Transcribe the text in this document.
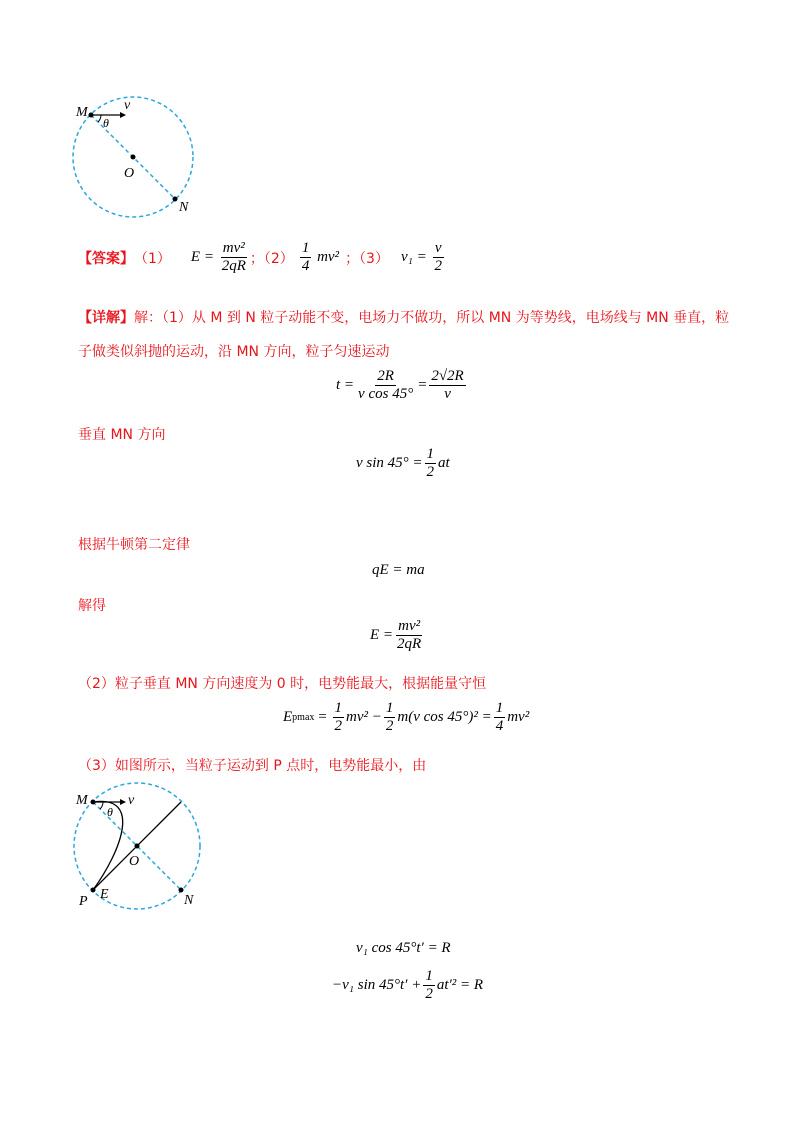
M	v
θ
O
N
【答案】 （1） $E = \frac{\text{mv²}}{2qR}$ ；$(2) \frac{1}{4} mv^2$ ；（3） $v_1 = \frac{v}{2}$
【详解】解：（1）从 M 到 N 粒子动能不变，电场力不做功，所以 MN 为等势线，电场线与 MN 垂直，粒
子做类似斜抛的运动，沿 MN 方向，粒子匀速运动
$t = \frac{2R}{\text{v cos 45°}} = \frac{2√2R}{v}$
垂直 MN 方向
v $\sin 45^\circ = \frac{1}{2}$ at
根据牛顿第二定律
qE = ma
解得
$E = \frac{\text{mv²}}{2qR}$
（2）粒子垂直 MN 方向速度为 0 时，电势能最大，根据能量守恒
E $pmax = \frac{1}{2} mv^2 - \frac{1}{2} m(v$ $\cos 45^\circ)^2 = \frac{1}{4} mv^2$
（3）如图所示，当粒子运动到 P 点时，电势能最小，由
M	v
θ
O
P E	N
v₁ cos 45°t′ = R
−v₁ $\sin 45^\circ t' + \frac{1}{2} at'^2 = R$
